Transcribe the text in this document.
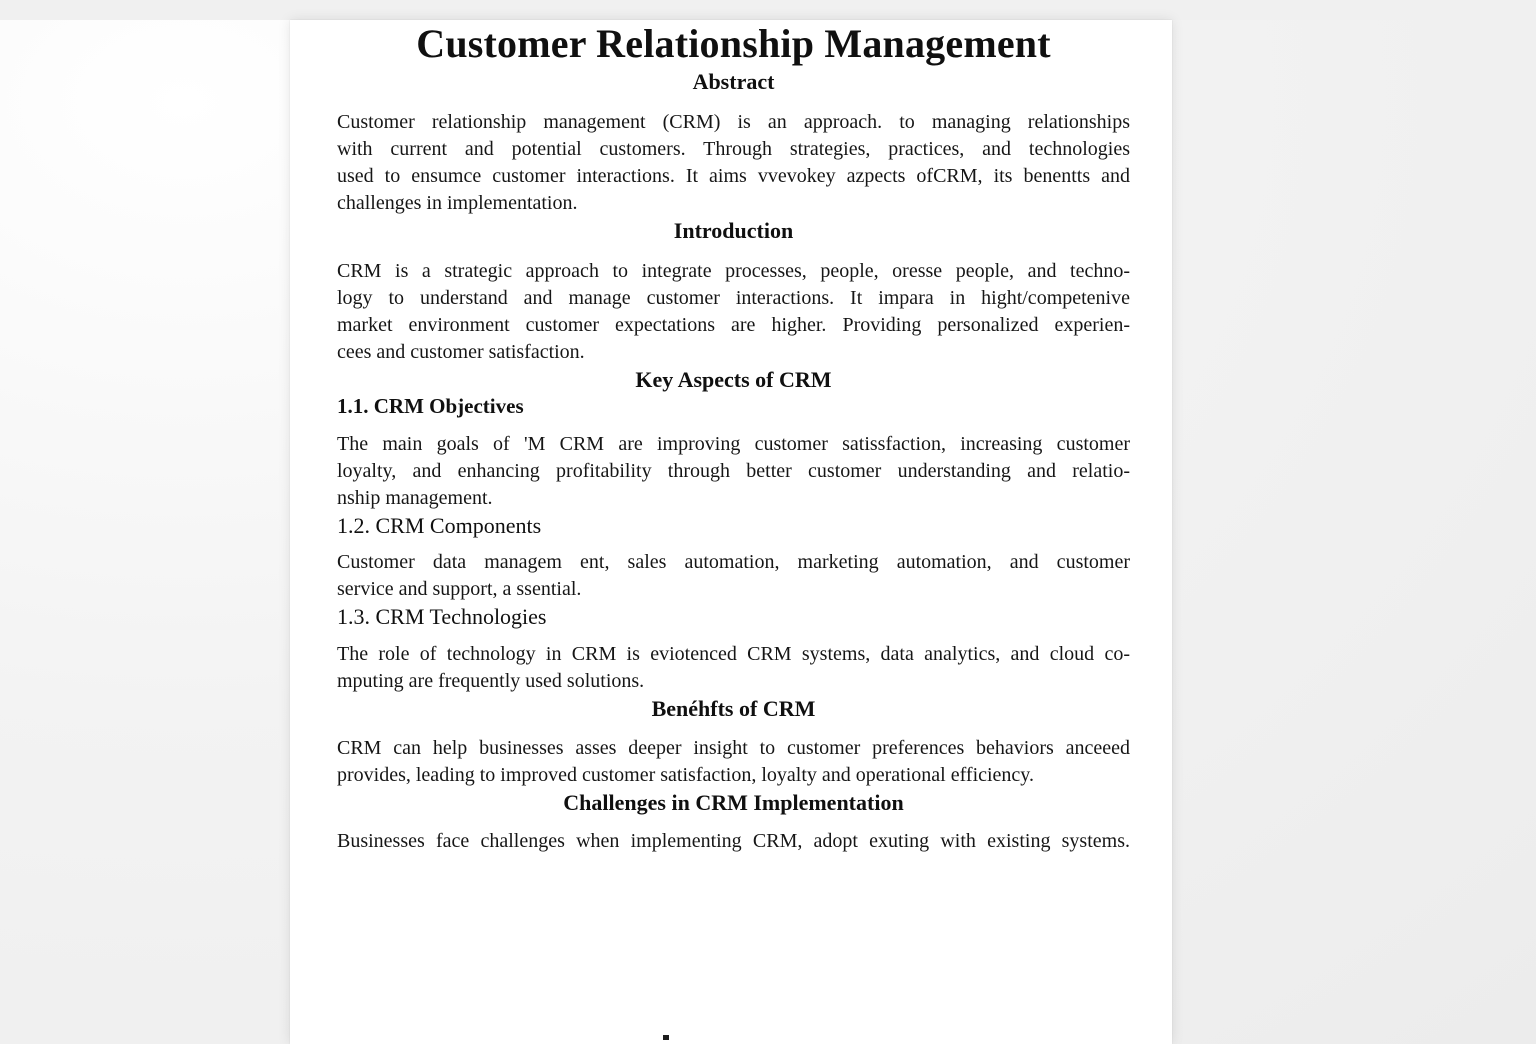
Customer Relationship Management
Abstract
Customer relationship management (CRM) is an approach. to managing relationships
with current and potential customers. Through strategies, practices, and technologies
used to ensumce customer interactions. It aims vvevokey azpects ofCRM, its benentts and
challenges in implementation.
Introduction
CRM is a strategic approach to integrate processes, people, oresse people, and techno-
logy to understand and manage customer interactions. It impara in hight/competenive
market environment customer expectations are higher. Providing personalized experien-
cees and customer satisfaction.
Key Aspects of CRM
1.1. CRM Objectives
The main goals of 'M CRM are improving customer satissfaction, increasing customer
loyalty, and enhancing profitability through better customer understanding and relatio-
nship management.
1.2. CRM Components
Customer data managem ent, sales automation, marketing automation, and customer
service and support, a ssential.
1.3. CRM Technologies
The role of technology in CRM is eviotenced CRM systems, data analytics, and cloud co-
mputing are frequently used solutions.
Benéhfts of CRM
CRM can help businesses asses deeper insight to customer preferences behaviors anceeed
provides, leading to improved customer satisfaction, loyalty and operational efficiency.
Challenges in CRM Implementation
Businesses face challenges when implementing CRM, adopt exuting with existing systems.
